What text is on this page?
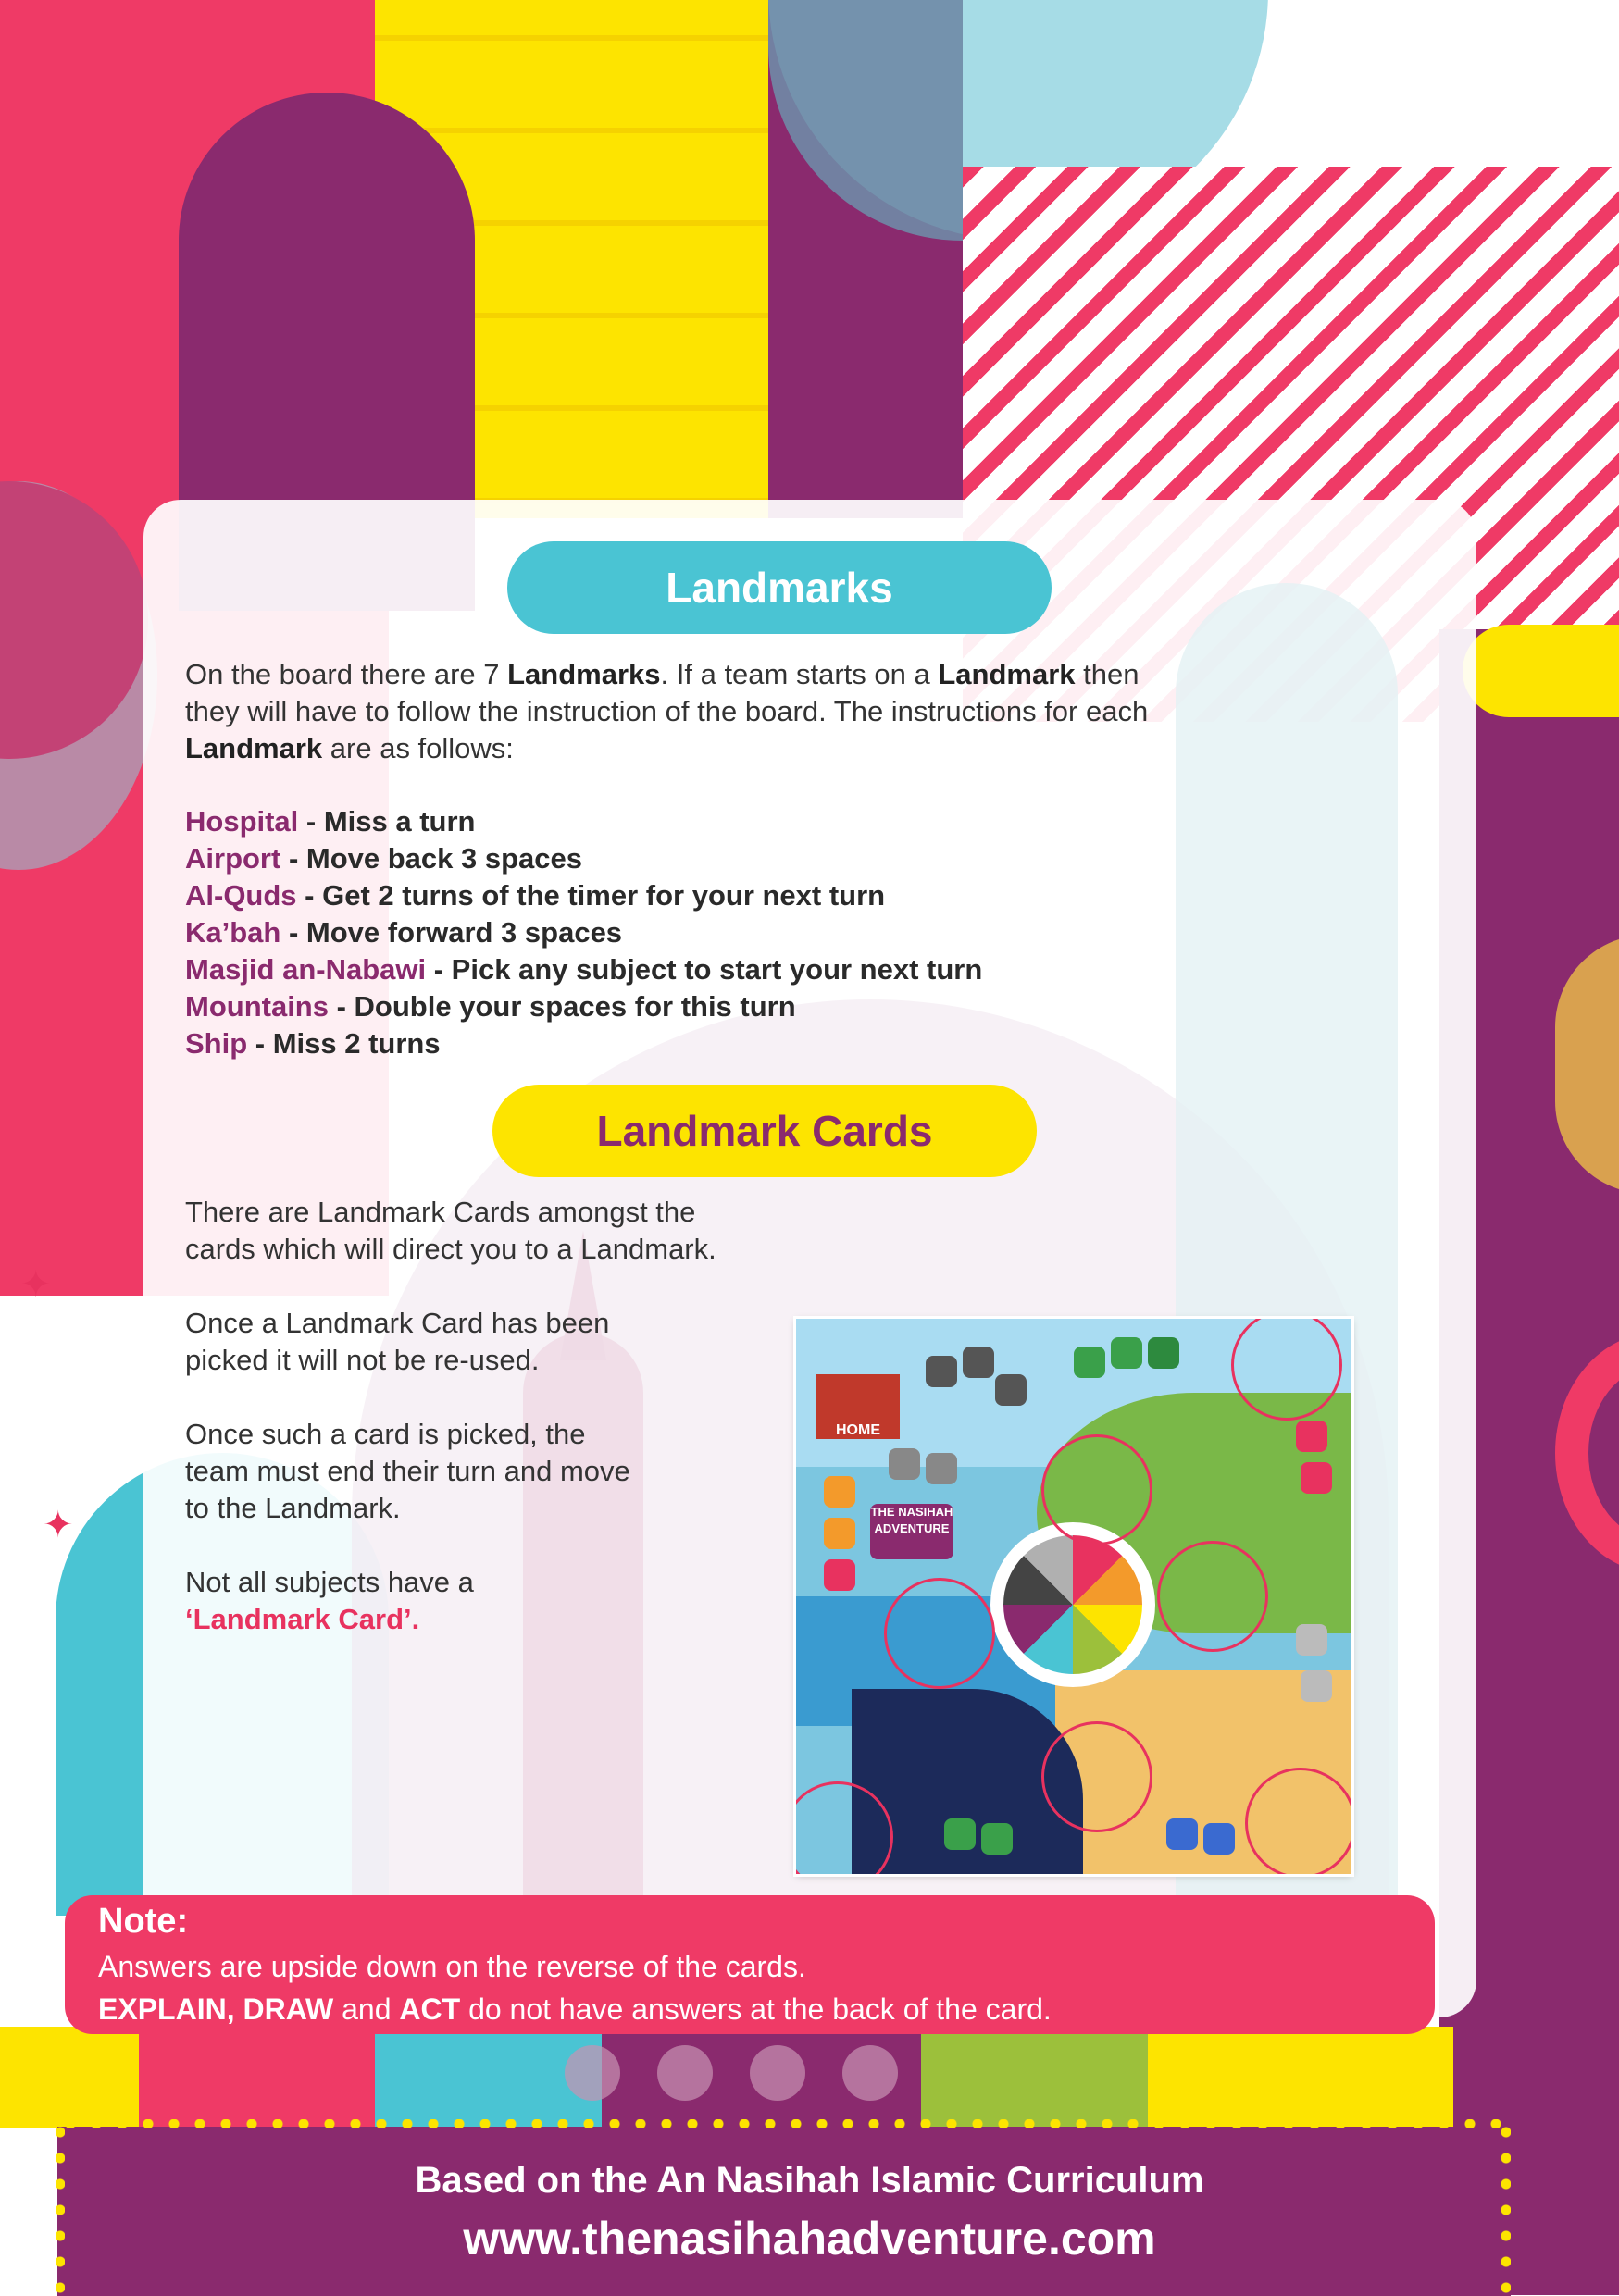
✦
✦
Landmarks
On the board there are 7 Landmarks. If a team starts on a Landmark then they will have to follow the instruction of the board. The instructions for each Landmark are as follows:
Hospital - Miss a turn
Airport - Move back 3 spaces
Al-Quds - Get 2 turns of the timer for your next turn
Ka’bah - Move forward 3 spaces
Masjid an-Nabawi - Pick any subject to start your next turn
Mountains - Double your spaces for this turn
Ship - Miss 2 turns
Landmark Cards
There are Landmark Cards amongst the cards which will direct you to a Landmark.
Once a Landmark Card has been picked it will not be re-used.
Once such a card is picked, the team must end their turn and move to the Landmark.
Not all subjects have a
‘Landmark Card’.
HOME
THE NASIHAH ADVENTURE
Note:
Answers are upside down on the reverse of the cards.
EXPLAIN, DRAW and ACT do not have answers at the back of the card.
Based on the An Nasihah Islamic Curriculum
www.thenasihahadventure.com
